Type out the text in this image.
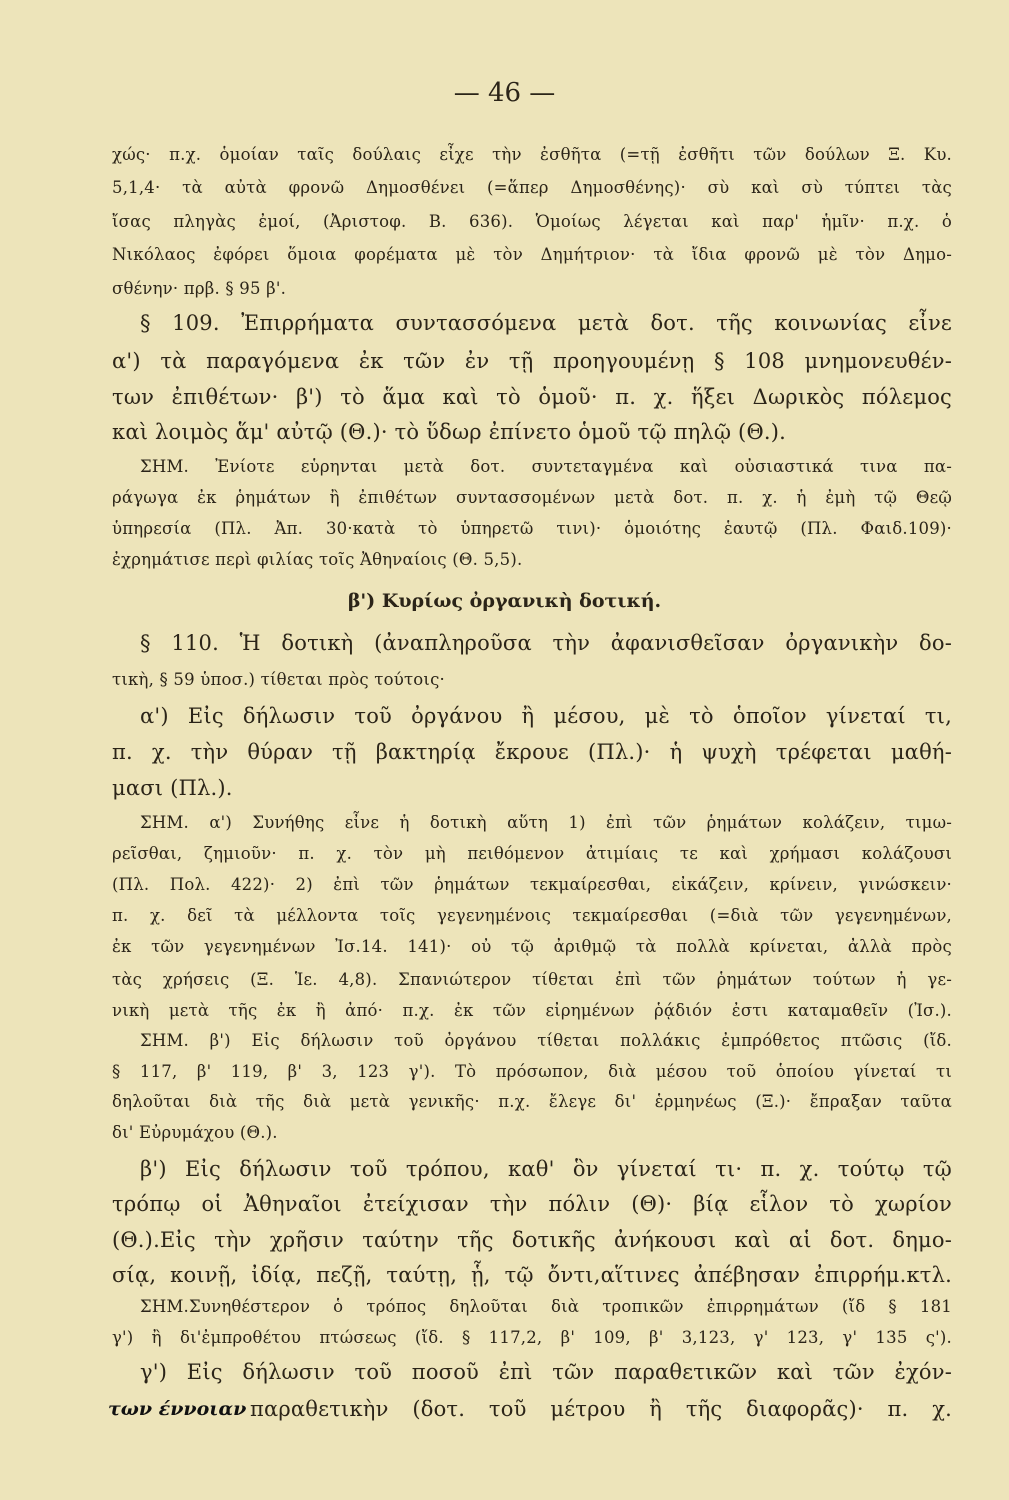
— 46 —
χώς· π.χ. ὁμοίαν ταῖς δούλαις εἶχε τὴν ἐσθῆτα (=τῇ ἐσθῆτι τῶν δούλων Ξ. Κυ.
5,1,4· τὰ αὐτὰ φρονῶ Δημοσθένει (=ἅπερ Δημοσθένης)· σὺ καὶ σὺ τύπτει τὰς
ἴσας πληγὰς ἐμοί, (Ἀριστοφ. Β. 636). Ὁμοίως λέγεται καὶ παρ' ἡμῖν· π.χ. ὁ
Νικόλαος ἐφόρει ὅμοια φορέματα μὲ τὸν Δημήτριον· τὰ ἴδια φρονῶ μὲ τὸν Δημο-
σθένην· πρβ. § 95 β'.
§ 109. Ἐπιρρήματα συντασσόμενα μετὰ δοτ. τῆς κοινωνίας εἶνε
α') τὰ παραγόμενα ἐκ τῶν ἐν τῇ προηγουμένῃ § 108 μνημονευθέν-
των ἐπιθέτων· β') τὸ ἅμα καὶ τὸ ὁμοῦ· π. χ. ἥξει Δωρικὸς πόλεμος
καὶ λοιμὸς ἅμ' αὐτῷ (Θ.)· τὸ ὕδωρ ἐπίνετο ὁμοῦ τῷ πηλῷ (Θ.).
ΣΗΜ. Ἐνίοτε εὑρηνται μετὰ δοτ. συντεταγμένα καὶ οὐσιαστικά τινα πα-
ράγωγα ἐκ ῥημάτων ἢ ἐπιθέτων συντασσομένων μετὰ δοτ. π. χ. ἡ ἐμὴ τῷ Θεῷ
ὑπηρεσία (Πλ. Ἀπ. 30·κατὰ τὸ ὑπηρετῶ τινι)· ὁμοιότης ἑαυτῷ (Πλ. Φαιδ.109)·
ἐχρημάτισε περὶ φιλίας τοῖς Ἀθηναίοις (Θ. 5,5).
§ 110. Ἡ δοτικὴ (ἀναπληροῦσα τὴν ἀφανισθεῖσαν ὀργανικὴν δο-
τικὴ, § 59 ὑποσ.) τίθεται πρὸς τούτοις·
α') Εἰς δήλωσιν τοῦ ὀργάνου ἢ μέσου, μὲ τὸ ὁποῖον γίνεταί τι,
π. χ. τὴν θύραν τῇ βακτηρίᾳ ἔκρουε (Πλ.)· ἡ ψυχὴ τρέφεται μαθή-
μασι (Πλ.).
ΣΗΜ. α') Συνήθης εἶνε ἡ δοτικὴ αὕτη 1) ἐπὶ τῶν ῥημάτων κολάζειν, τιμω-
ρεῖσθαι, ζημιοῦν· π. χ. τὸν μὴ πειθόμενον ἀτιμίαις τε καὶ χρήμασι κολάζουσι
(Πλ. Πολ. 422)· 2) ἐπὶ τῶν ῥημάτων τεκμαίρεσθαι, εἰκάζειν, κρίνειν, γινώσκειν·
π. χ. δεῖ τὰ μέλλοντα τοῖς γεγενημένοις τεκμαίρεσθαι (=διὰ τῶν γεγενημένων,
ἐκ τῶν γεγενημένων Ἰσ.14. 141)· οὐ τῷ ἀριθμῷ τὰ πολλὰ κρίνεται, ἀλλὰ πρὸς
τὰς χρήσεις (Ξ. Ἱε. 4,8). Σπανιώτερον τίθεται ἐπὶ τῶν ῥημάτων τούτων ἡ γε-
νικὴ μετὰ τῆς ἐκ ἢ ἀπό· π.χ. ἐκ τῶν εἰρημένων ῥᾴδιόν ἐστι καταμαθεῖν (Ἰσ.).
ΣΗΜ. β') Εἰς δήλωσιν τοῦ ὀργάνου τίθεται πολλάκις ἐμπρόθετος πτῶσις (ἴδ.
§ 117, β' 119, β' 3, 123 γ'). Τὸ πρόσωπον, διὰ μέσου τοῦ ὁποίου γίνεταί τι
δηλοῦται διὰ τῆς διὰ μετὰ γενικῆς· π.χ. ἔλεγε δι' ἑρμηνέως (Ξ.)· ἔπραξαν ταῦτα
δι' Εὐρυμάχου (Θ.).
β') Εἰς δήλωσιν τοῦ τρόπου, καθ' ὃν γίνεταί τι· π. χ. τούτῳ τῷ
τρόπῳ οἱ Ἀθηναῖοι ἐτείχισαν τὴν πόλιν (Θ)· βίᾳ εἷλον τὸ χωρίον
(Θ.).Εἰς τὴν χρῆσιν ταύτην τῆς δοτικῆς ἀνήκουσι καὶ αἱ δοτ. δημο-
σίᾳ, κοινῇ, ἰδίᾳ, πεζῇ, ταύτῃ, ᾗ, τῷ ὄντι,αἵτινες ἀπέβησαν ἐπιρρήμ.κτλ.
ΣΗΜ.Συνηθέστερον ὁ τρόπος δηλοῦται διὰ τροπικῶν ἐπιρρημάτων (ἴδ § 181
γ') ἢ δι'ἐμπροθέτου πτώσεως (ἴδ. § 117,2, β' 109, β' 3,123, γ' 123, γ' 135 ς').
γ') Εἰς δήλωσιν τοῦ ποσοῦ ἐπὶ τῶν παραθετικῶν καὶ τῶν ἐχόν-
παραθετικὴν (δοτ. τοῦ μέτρου ἢ τῆς διαφορᾶς)· π. χ.
β') Κυρίως ὀργανικὴ δοτική.
των έννοιαν
